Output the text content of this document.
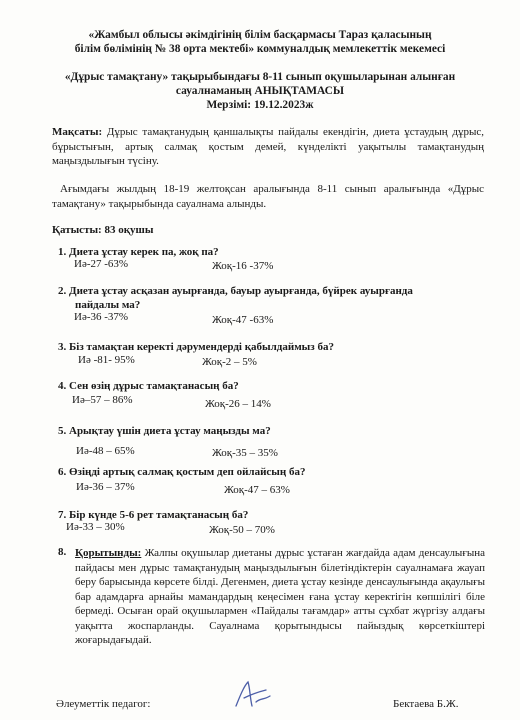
«Жамбыл облысы әкімдігінің білім басқармасы Тараз қаласының
білім бөлімінің № 38 орта мектебі» коммуналдық мемлекеттік мекемесі
«Дұрыс тамақтану» тақырыбындағы 8-11 сынып оқушыларынан алынған
сауалнаманың АНЫҚТАМАСЫ
Мерзімі: 19.12.2023ж
Мақсаты: Дұрыс тамақтанудың қаншалықты пайдалы екендігін, диета ұстаудың дұрыс, бұрыстығын, артық салмақ қостым демей, күнделікті уақытылы тамақтанудың маңыздылығын түсіну.
Ағымдағы жылдың 18-19 желтоқсан аралығында 8-11 сынып аралығында «Дұрыс тамақтану» тақырыбында сауалнама алынды.
Қатысты: 83 оқушы
1. Диета ұстау керек па, жоқ па?
Иә-27 -63%	Жоқ-16 -37%
2. Диета ұстау асқазан ауырғанда, бауыр ауырғанда, бүйрек ауырғанда
пайдалы ма?
Иә-36 -37%	Жоқ-47 -63%
3. Біз тамақтан керекті дәрумендерді қабылдаймыз ба?
Иә -81- 95%	Жоқ-2 – 5%
4. Сен өзің дұрыс тамақтанасың ба?
Иә–57 – 86%	Жоқ-26 – 14%
5. Арықтау үшін диета ұстау маңызды ма?
Иә-48 – 65%	Жоқ-35 – 35%
6. Өзіңді артық салмақ қостым деп ойлайсың ба?
Иә-36 – 37%	Жоқ-47 – 63%
7. Бір күнде 5-6 рет тамақтанасың ба?
Иә-33 – 30%	Жоқ-50 – 70%
8. Қорытынды: Жалпы оқушылар диетаны дұрыс ұстаған жағдайда адам денсаулығына пайдасы мен дұрыс тамақтанудың маңыздылығын білетіндіктерін сауалнамаға жауап беру барысында көрсете білді. Дегенмен, диета ұстау кезінде денсаулығында ақаулығы бар адамдарға арнайы мамандардың кеңесімен ғана ұстау керектігін көпшілігі біле бермеді. Осыған орай оқушылармен «Пайдалы тағамдар» атты сұхбат жүргізу алдағы уақытта жоспарланды. Сауалнама қорытындысы пайыздық көрсеткіштері жоғарыдағыдай.
Әлеуметтік педагог:	Бектаева Б.Ж.
